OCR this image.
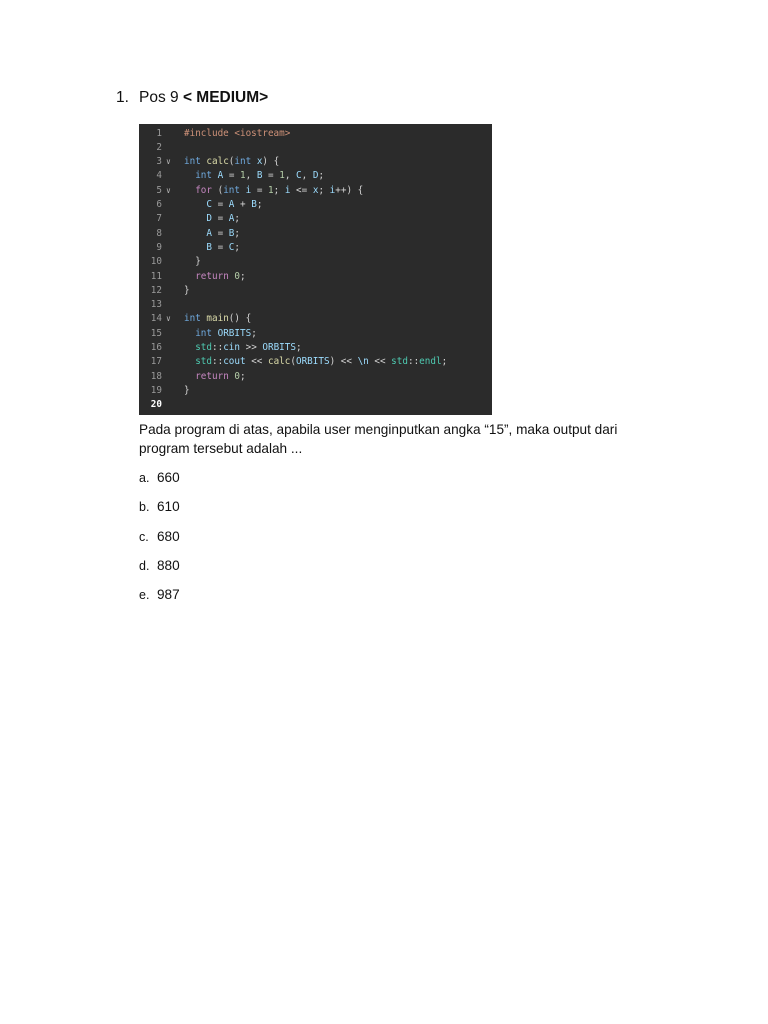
1. Pos 9 < MEDIUM>
1 #include <iostream>
2
3 ∨	int calc(int x) {
4	int A = 1, B = 1, C, D;
5 ∨	for (int i = 1; i <= x; i++) {
6	C = A + B;
7	D = A;
8	A = B;
9	B = C;
10 }
11	return 0;
12 }
13
14 ∨	int main() {
15	int ORBITS;
16	std::cin >> ORBITS;
17	std::cout << calc(ORBITS) << \n << std::endl;
18	return 0;
19 }
20
Pada program di atas, apabila user menginputkan angka “15”, maka output dari program tersebut adalah ...
a. 660
b. 610
c. 680
d. 880
e. 987
